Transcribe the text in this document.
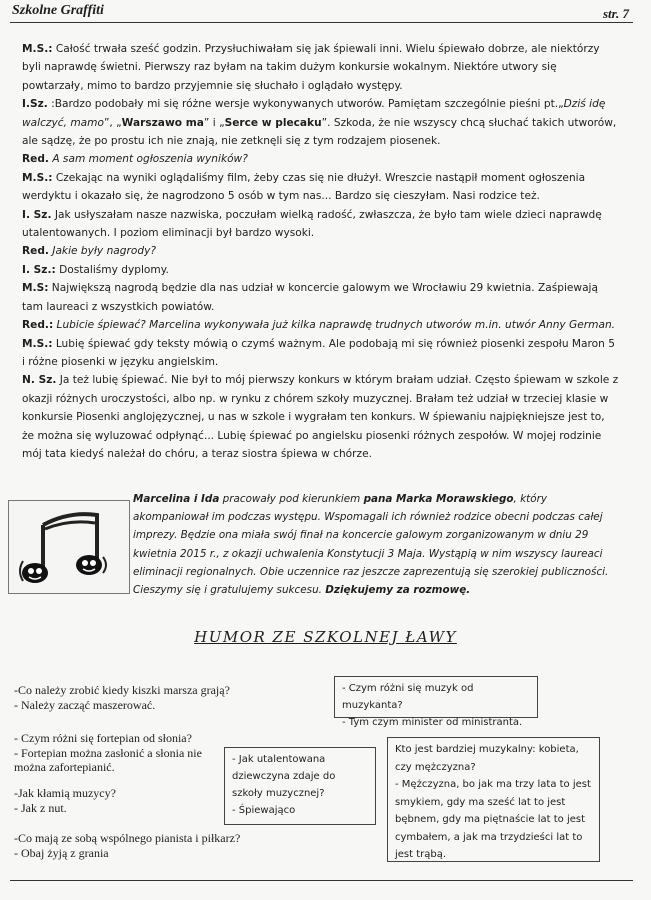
Szkolne Graffiti	str. 7

M.S.: Całość trwała sześć godzin. Przysłuchiwałam się jak śpiewali inni. Wielu śpiewało dobrze, ale niektórzy byli naprawdę świetni. Pierwszy raz byłam na takim dużym konkursie wokalnym. Niektóre utwory się powtarzały, mimo to bardzo przyjemnie się słuchało i oglądało występy.

I.Sz. :Bardzo podobały mi się różne wersje wykonywanych utworów. Pamiętam szczególnie pieśni pt.„Dziś idę walczyć, mamo”, „Warszawo ma” i „Serce w plecaku”. Szkoda, że nie wszyscy chcą słuchać takich utworów, ale sądzę, że po prostu ich nie znają, nie zetknęli się z tym rodzajem piosenek.

Red. A sam moment ogłoszenia wyników?

M.S.: Czekając na wyniki oglądaliśmy film, żeby czas się nie dłużył. Wreszcie nastąpił moment ogłoszenia werdyktu i okazało się, że nagrodzono 5 osób w tym nas... Bardzo się cieszyłam. Nasi rodzice też.

I. Sz. Jak usłyszałam nasze nazwiska, poczułam wielką radość, zwłaszcza, że było tam wiele dzieci naprawdę utalentowanych. I poziom eliminacji był bardzo wysoki.

Red. Jakie były nagrody?

I. Sz.: Dostaliśmy dyplomy.

M.S: Największą nagrodą będzie dla nas udział w koncercie galowym we Wrocławiu 29 kwietnia. Zaśpiewają tam laureaci z wszystkich powiatów.

Red.: Lubicie śpiewać? Marcelina wykonywała już kilka naprawdę trudnych utworów m.in. utwór Anny German.

M.S.: Lubię śpiewać gdy teksty mówią o czymś ważnym. Ale podobają mi się również piosenki zespołu Maron 5 i różne piosenki w języku angielskim.

N. Sz. Ja też lubię śpiewać. Nie był to mój pierwszy konkurs w którym brałam udział. Często śpiewam w szkole z okazji różnych uroczystości, albo np. w rynku z chórem szkoły muzycznej. Brałam też udział w trzeciej klasie w konkursie Piosenki anglojęzycznej, u nas w szkole i wygrałam ten konkurs. W śpiewaniu najpiękniejsze jest to, że można się wyluzować odpłynąć... Lubię śpiewać po angielsku piosenki różnych zespołów. W mojej rodzinie mój tata kiedyś należał do chóru, a teraz siostra śpiewa w chórze.

Marcelina i Ida pracowały pod kierunkiem pana Marka Morawskiego, który akompaniował im podczas występu. Wspomagali ich również rodzice obecni podczas całej imprezy. Będzie ona miała swój finał na koncercie galowym zorganizowanym w dniu 29 kwietnia 2015 r., z okazji uchwalenia Konstytucji 3 Maja. Wystąpią w nim wszyscy laureaci eliminacji regionalnych. Obie uczennice raz jeszcze zaprezentują się szerokiej publiczności. Cieszymy się i gratulujemy sukcesu. Dziękujemy za rozmowę.
HUMOR ZE SZKOLNEJ ŁAWY

-Co należy zrobić kiedy kiszki marsza grają?

- Należy zacząć maszerować.

- Czym różni się fortepian od słonia?

- Fortepian można zasłonić a słonia nie

można zafortepianić.

-Jak kłamią muzycy?

- Jak z nut.

-Co mają ze sobą wspólnego pianista i piłkarz?

- Obaj żyją z grania

- Czym różni się muzyk od muzykanta?

- Tym czym minister od ministranta.

- Jak utalentowana dziewczyna zdaje do szkoły muzycznej?

- Śpiewająco

Kto jest bardziej muzykalny: kobieta, czy mężczyzna?

- Mężczyzna, bo jak ma trzy lata to jest smykiem, gdy ma sześć lat to jest bębnem, gdy ma piętnaście lat to jest cymbałem, a jak ma trzydzieści lat to jest trąbą.
